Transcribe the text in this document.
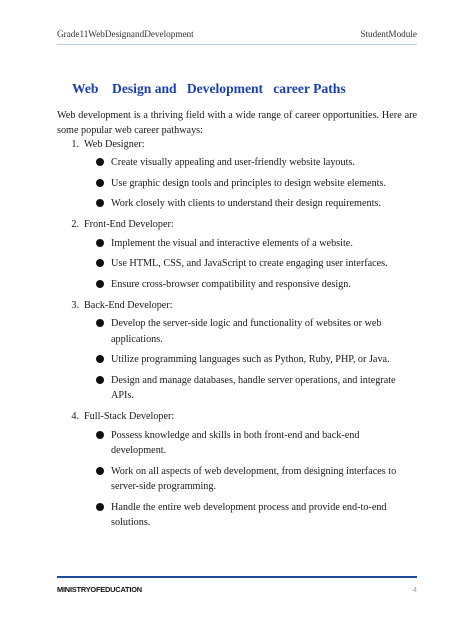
Grade11WebDesignandDevelopment	StudentModule
Web    Design and   Development   career Paths

Web development is a thriving field with a wide range of career opportunities. Here are some popular web career pathways:

1. Web Designer:
Create visually appealing and user-friendly website layouts.
Use graphic design tools and principles to design website elements.
Work closely with clients to understand their design requirements.
2. Front-End Developer:
Implement the visual and interactive elements of a website.
Use HTML, CSS, and JavaScript to create engaging user interfaces.
Ensure cross-browser compatibility and responsive design.
3. Back-End Developer:
Develop the server-side logic and functionality of websites or web applications.
Utilize programming languages such as Python, Ruby, PHP, or Java.
Design and manage databases, handle server operations, and integrate APIs.
4. Full-Stack Developer:
Possess knowledge and skills in both front-end and back-end development.
Work on all aspects of web development, from designing interfaces to server-side programming.
Handle the entire web development process and provide end-to-end solutions.
MINISTRYOFEDUCATION	4
